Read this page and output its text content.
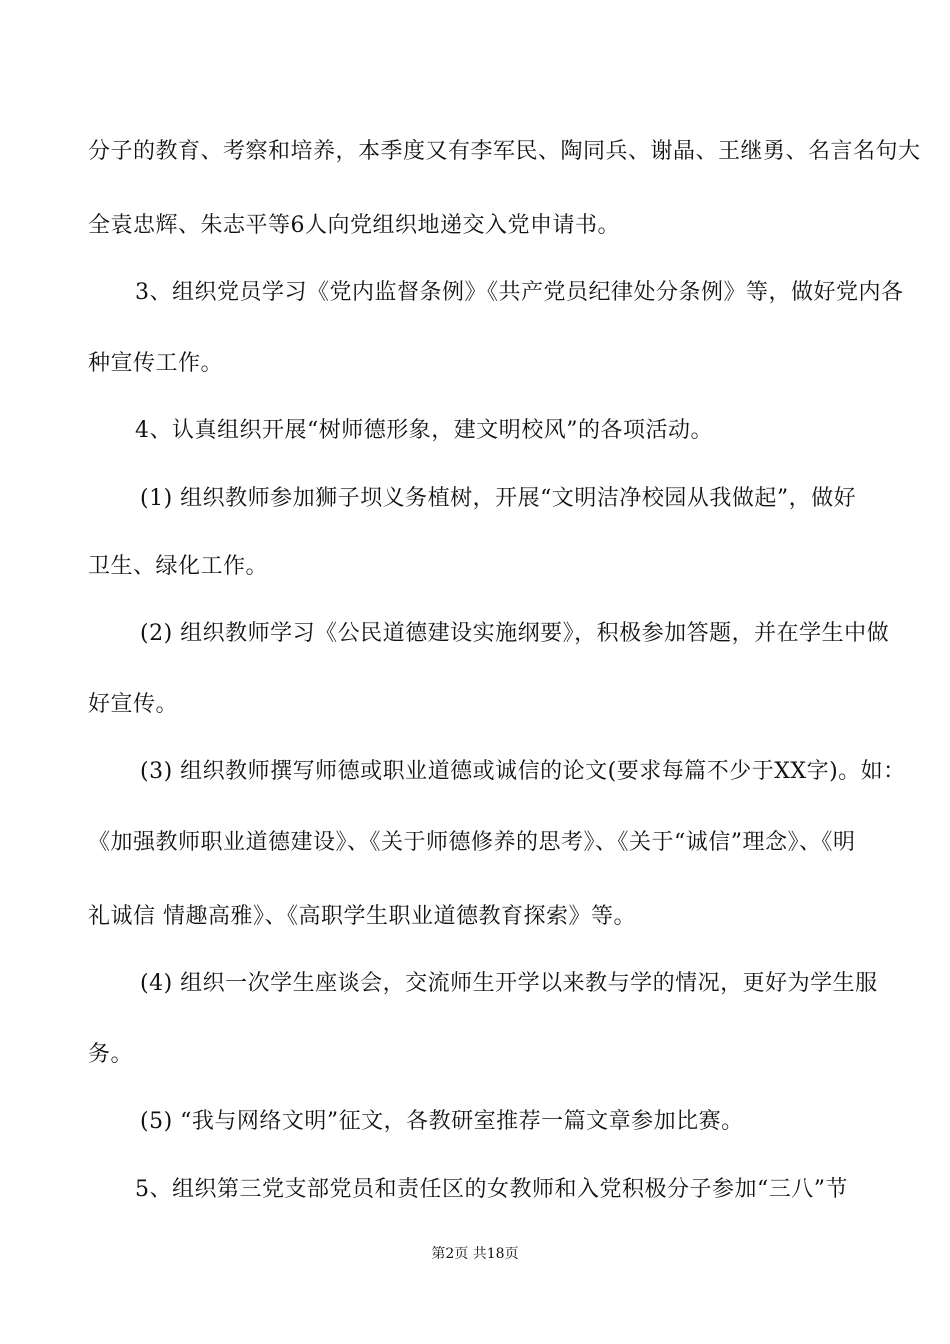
分子的教育、考察和培养，本季度又有李军民、陶同兵、谢晶、王继勇、名言名句大
全袁忠辉、朱志平等6人向党组织地递交入党申请书。
3、组织党员学习《党内监督条例》《共产党员纪律处分条例》等，做好党内各
种宣传工作。
4、认真组织开展“树师德形象，建文明校风”的各项活动。
(1) 组织教师参加狮子坝义务植树，开展“文明洁净校园从我做起”，做好
卫生、绿化工作。
(2) 组织教师学习《公民道德建设实施纲要》，积极参加答题，并在学生中做
好宣传。
(3) 组织教师撰写师德或职业道德或诚信的论文(要求每篇不少于XX字)。如：
《加强教师职业道德建设》、《关于师德修养的思考》、《关于“诚信”理念》、《明
礼诚信 情趣高雅》、《高职学生职业道德教育探索》等。
(4) 组织一次学生座谈会，交流师生开学以来教与学的情况，更好为学生服
务。
(5) “我与网络文明”征文，各教研室推荐一篇文章参加比赛。
5、组织第三党支部党员和责任区的女教师和入党积极分子参加“三八”节
第2页 共18页
